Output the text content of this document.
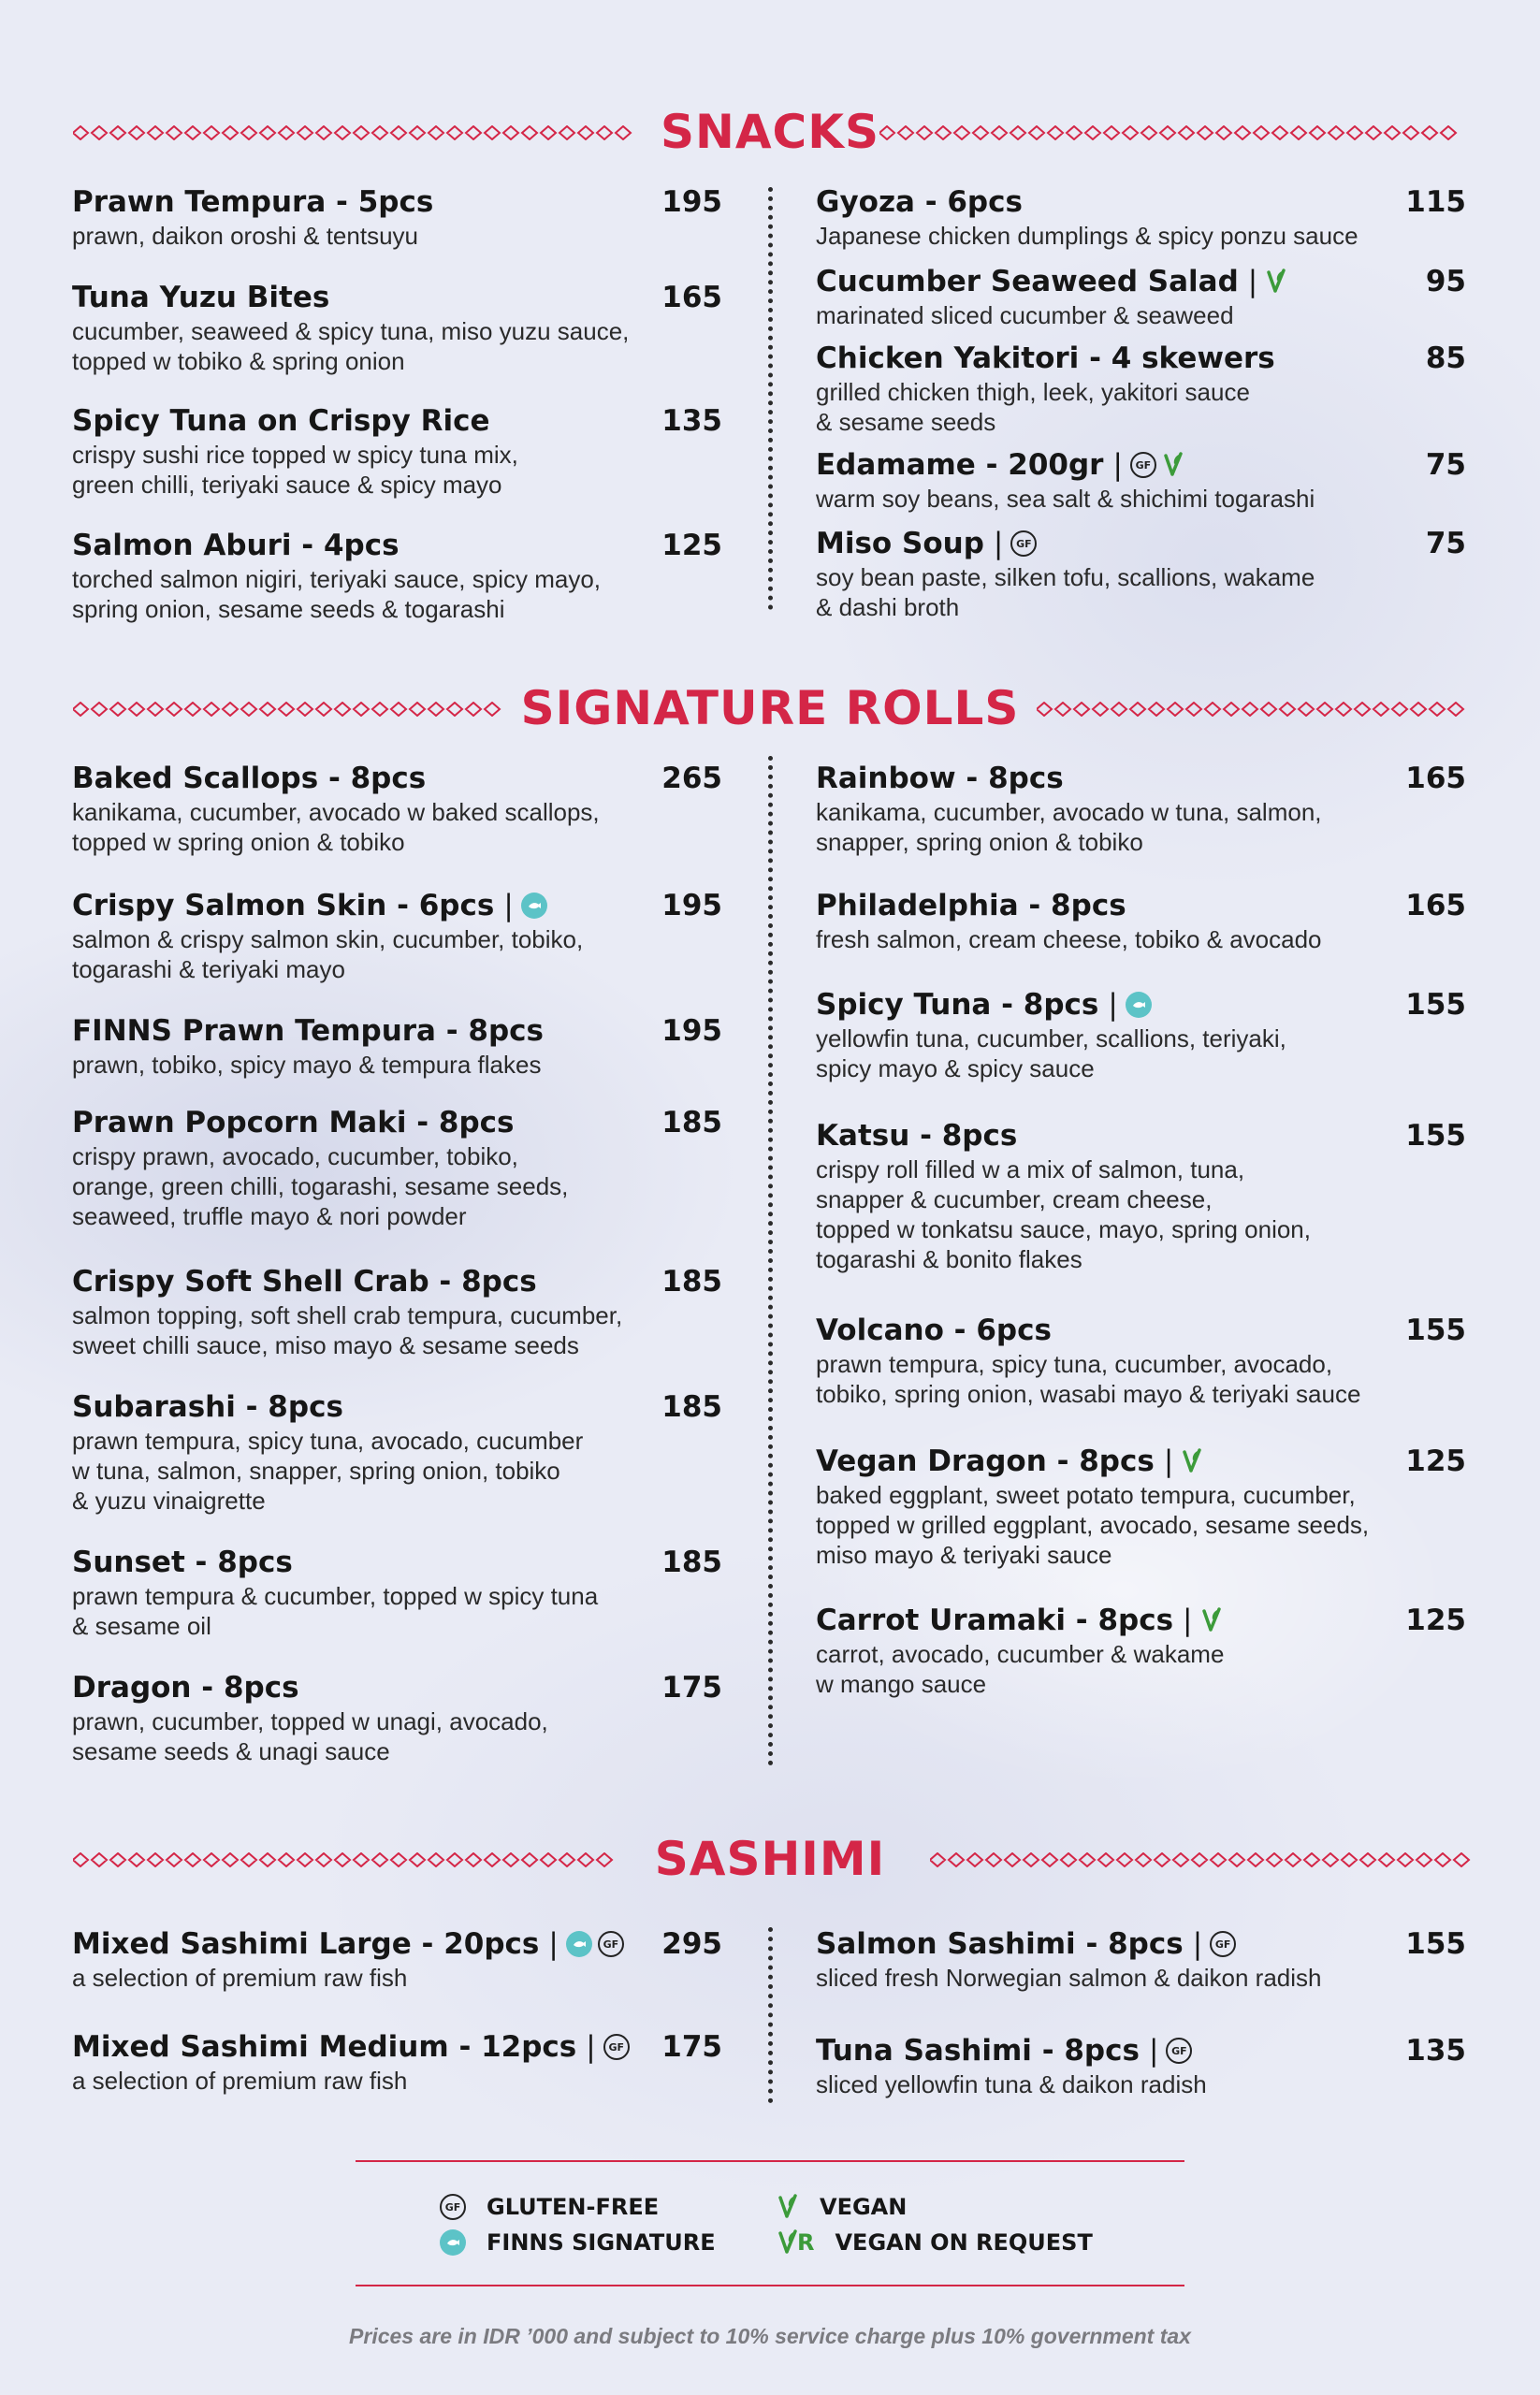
SNACKS
SIGNATURE ROLLS
SASHIMI
Prawn Tempura - 5pcs	195
prawn, daikon oroshi & tentsuyu
Tuna Yuzu Bites	165
cucumber, seaweed & spicy tuna, miso yuzu sauce,
topped w tobiko & spring onion
Spicy Tuna on Crispy Rice	135
crispy sushi rice topped w spicy tuna mix,
green chilli, teriyaki sauce & spicy mayo
Salmon Aburi - 4pcs	125
torched salmon nigiri, teriyaki sauce, spicy mayo,
spring onion, sesame seeds & togarashi
Gyoza - 6pcs	115
Japanese chicken dumplings & spicy ponzu sauce
Cucumber Seaweed Salad |	95
marinated sliced cucumber & seaweed
Chicken Yakitori - 4 skewers	85
grilled chicken thigh, leek, yakitori sauce
& sesame seeds
Edamame - 200gr |	GF	75
warm soy beans, sea salt & shichimi togarashi
Miso Soup |	GF	75
soy bean paste, silken tofu, scallions, wakame
& dashi broth
Baked Scallops - 8pcs	265
kanikama, cucumber, avocado w baked scallops,
topped w spring onion & tobiko
Crispy Salmon Skin - 6pcs |	195
salmon & crispy salmon skin, cucumber, tobiko,
togarashi & teriyaki mayo
FINNS Prawn Tempura - 8pcs	195
prawn, tobiko, spicy mayo & tempura flakes
Prawn Popcorn Maki - 8pcs	185
crispy prawn, avocado, cucumber, tobiko,
orange, green chilli, togarashi, sesame seeds,
seaweed, truffle mayo & nori powder
Crispy Soft Shell Crab - 8pcs	185
salmon topping, soft shell crab tempura, cucumber,
sweet chilli sauce, miso mayo & sesame seeds
Subarashi - 8pcs	185
prawn tempura, spicy tuna, avocado, cucumber
w tuna, salmon, snapper, spring onion, tobiko
& yuzu vinaigrette
Sunset - 8pcs	185
prawn tempura & cucumber, topped w spicy tuna
& sesame oil
Dragon - 8pcs	175
prawn, cucumber, topped w unagi, avocado,
sesame seeds & unagi sauce
Rainbow - 8pcs	165
kanikama, cucumber, avocado w tuna, salmon,
snapper, spring onion & tobiko
Philadelphia - 8pcs	165
fresh salmon, cream cheese, tobiko & avocado
Spicy Tuna - 8pcs |	155
yellowfin tuna, cucumber, scallions, teriyaki,
spicy mayo & spicy sauce
Katsu - 8pcs	155
crispy roll filled w a mix of salmon, tuna,
snapper & cucumber, cream cheese,
topped w tonkatsu sauce, mayo, spring onion,
togarashi & bonito flakes
Volcano - 6pcs	155
prawn tempura, spicy tuna, cucumber, avocado,
tobiko, spring onion, wasabi mayo & teriyaki sauce
Vegan Dragon - 8pcs |	125
baked eggplant, sweet potato tempura, cucumber,
topped w grilled eggplant, avocado, sesame seeds,
miso mayo & teriyaki sauce
Carrot Uramaki - 8pcs |	125
carrot, avocado, cucumber & wakame
w mango sauce
Mixed Sashimi Large - 20pcs |	GF 295
a selection of premium raw fish
Mixed Sashimi Medium - 12pcs |	GF 175
a selection of premium raw fish
Salmon Sashimi - 8pcs |	GF	155
sliced fresh Norwegian salmon & daikon radish
Tuna Sashimi - 8pcs |	GF	135
sliced yellowfin tuna & daikon radish
GF GLUTEN-FREE	VEGAN
FINNS SIGNATURE	R VEGAN ON REQUEST
Prices are in IDR ’000 and subject to 10% service charge plus 10% government tax
